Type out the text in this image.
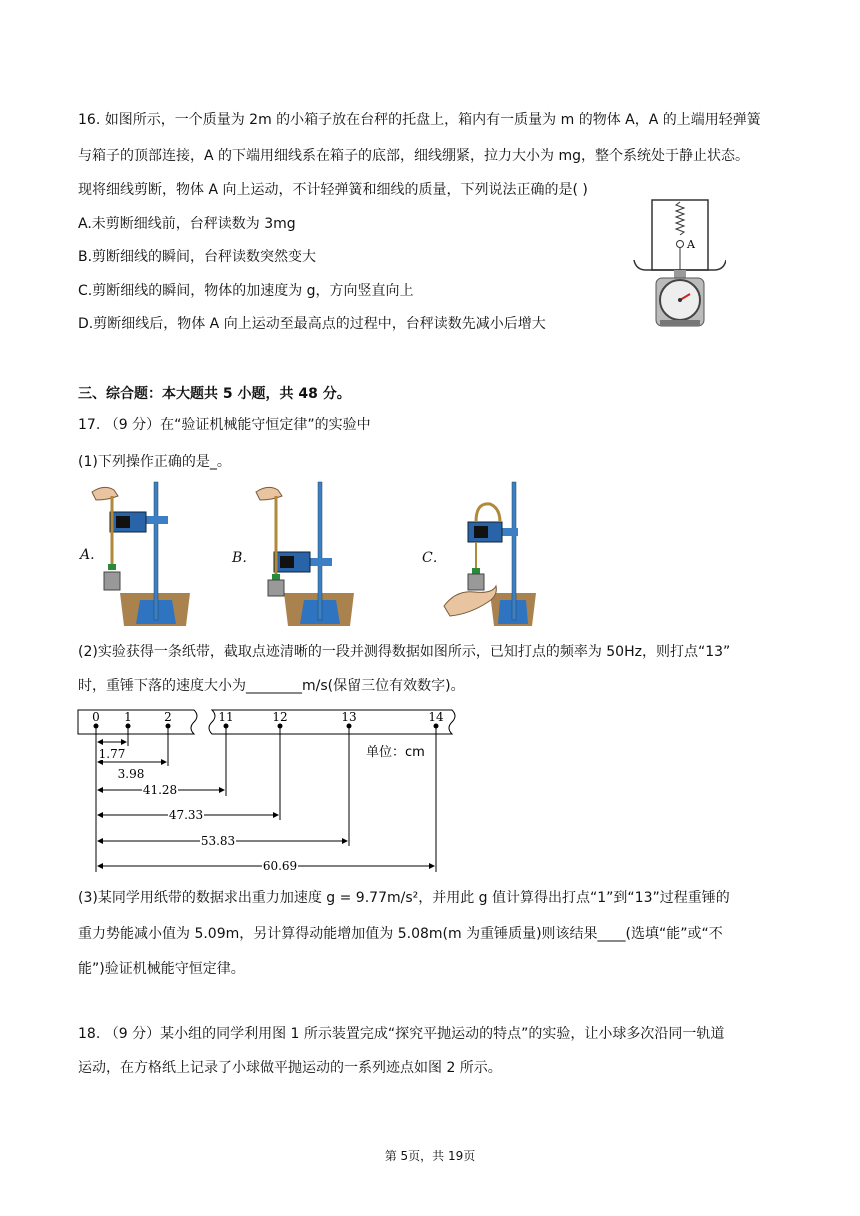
16. 如图所示，一个质量为 2m 的小箱子放在台秤的托盘上，箱内有一质量为 m 的物体 A，A 的上端用轻弹簧
与箱子的顶部连接，A 的下端用细线系在箱子的底部，细线绷紧，拉力大小为 mg，整个系统处于静止状态。
现将细线剪断，物体 A 向上运动，不计轻弹簧和细线的质量，下列说法正确的是( )
A.未剪断细线前，台秤读数为 3mg
B.剪断细线的瞬间，台秤读数突然变大
C.剪断细线的瞬间，物体的加速度为 g，方向竖直向上
D.剪断细线后，物体 A 向上运动至最高点的过程中，台秤读数先减小后增大
A
三、综合题：本大题共 5 小题，共 48 分。
17. （9 分）在“验证机械能守恒定律”的实验中
(1)下列操作正确的是_。
A.	B．	C．
(2)实验获得一条纸带，截取点迹清晰的一段并测得数据如图所示，已知打点的频率为 50Hz，则打点“13”
时，重锤下落的速度大小为________m/s(保留三位有效数字)。
0 1	2	11	12	13	14
1.77
3.98
41.28
47.33
53.83
60.69
单位：cm
(3)某同学用纸带的数据求出重力加速度 g = 9.77m/s²，并用此 g 值计算得出打点“1”到“13”过程重锤的
重力势能减小值为 5.09m，另计算得动能增加值为 5.08m(m 为重锤质量)则该结果____(选填“能”或“不
能”)验证机械能守恒定律。
18. （9 分）某小组的同学利用图 1 所示装置完成“探究平抛运动的特点”的实验，让小球多次沿同一轨道
运动，在方格纸上记录了小球做平抛运动的一系列迹点如图 2 所示。
第 5页，共 19页
